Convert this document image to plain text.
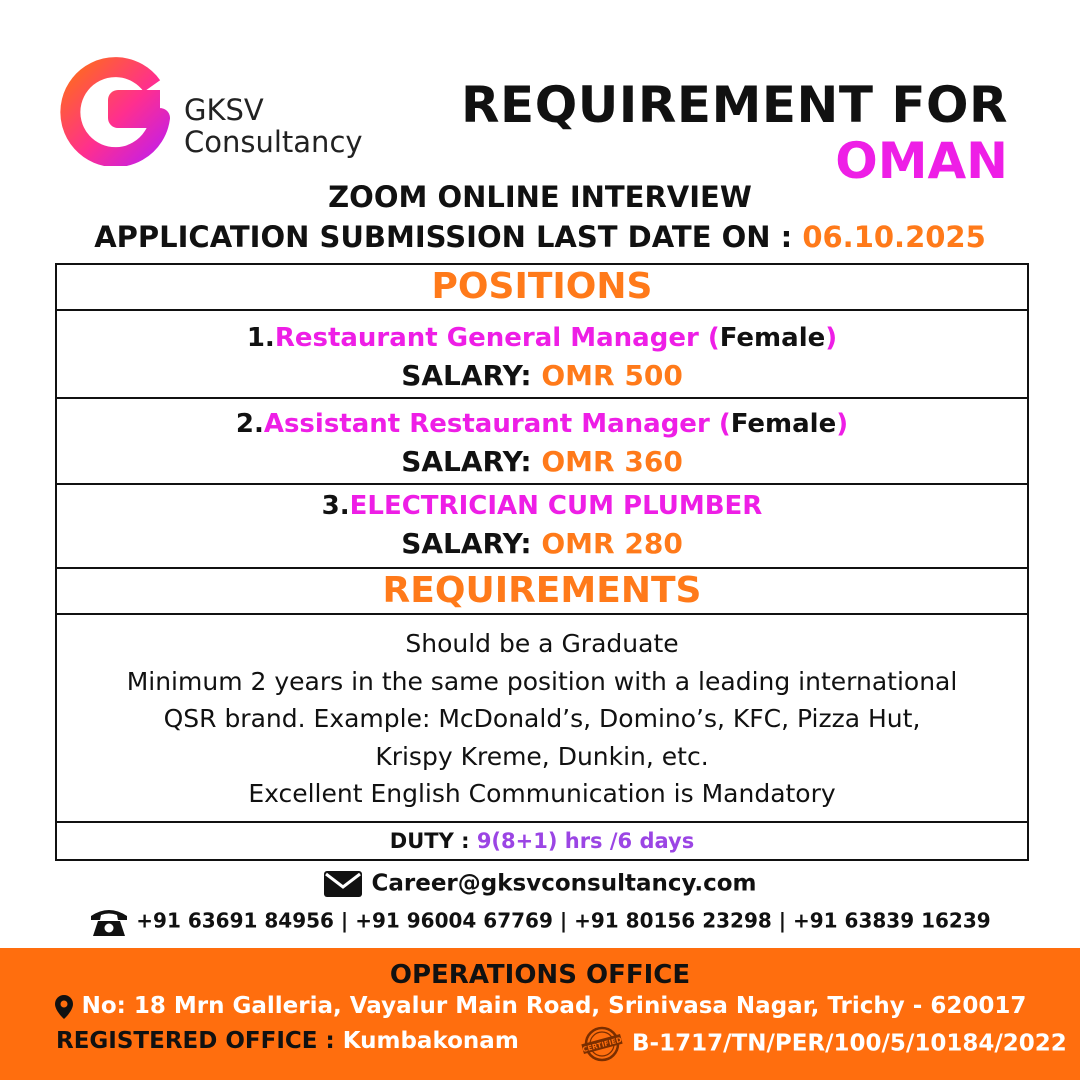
GKSV
Consultancy
REQUIREMENT FOR
OMAN
ZOOM ONLINE INTERVIEW
APPLICATION SUBMISSION LAST DATE ON : 06.10.2025
POSITIONS
1.Restaurant General Manager (Female)
SALARY: OMR 500
2.Assistant Restaurant Manager (Female)
SALARY: OMR 360
3.ELECTRICIAN CUM PLUMBER
SALARY: OMR 280
REQUIREMENTS
Should be a Graduate
Minimum 2 years in the same position with a leading international
QSR brand. Example: McDonald’s, Domino’s, KFC, Pizza Hut,
Krispy Kreme, Dunkin, etc.
Excellent English Communication is Mandatory
DUTY : 9(8+1) hrs /6 days
Career@gksvconsultancy.com
+91 63691 84956 | +91 96004 67769 | +91 80156 23298 | +91 63839 16239
OPERATIONS OFFICE
No: 18 Mrn Galleria, Vayalur Main Road, Srinivasa Nagar, Trichy - 620017
REGISTERED OFFICE : Kumbakonam	CERTIFIED B-1717/TN/PER/100/5/10184/2022
